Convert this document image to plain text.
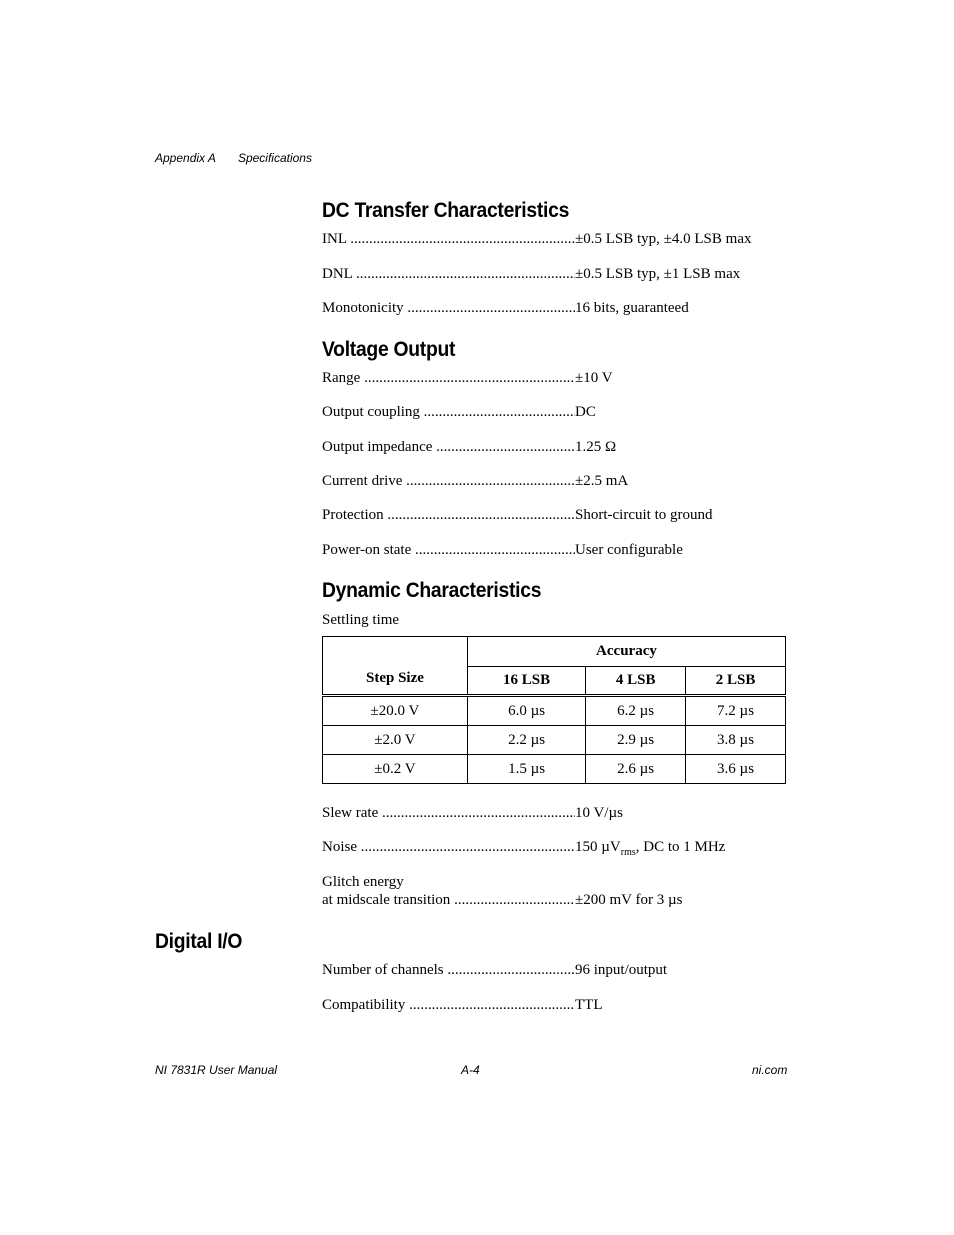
Appendix A Specifications
DC Transfer Characteristics
INL .....	±0.5 LSB typ, ±4.0 LSB max
DNL .....	±0.5 LSB typ, ±1 LSB max
Monotonicity .....	16 bits, guaranteed
Voltage Output
Range .....	±10 V
Output coupling .....	DC
Output impedance .....	1.25 Ω
Current drive .....	±2.5 mA
Protection .....	Short-circuit to ground
Power-on state .....	User configurable
Dynamic Characteristics
Settling time
Step Size	Accuracy		
	16 LSB	4 LSB	2 LSB
±20.0 V	6.0 µs	6.2 µs	7.2 µs
±2.0 V	2.2 µs	2.9 µs	3.8 µs
±0.2 V	1.5 µs	2.6 µs	3.6 µs
Slew rate .....	10 V/µs
Noise .....	150 µV$_{rms}$, DC to 1 MHz
Glitch energy
at midscale transition .....	±200 mV for 3 µs
Digital I/O
Number of channels .....	96 input/output
Compatibility .....	TTL
NI 7831R User Manual	A-4	ni.com
